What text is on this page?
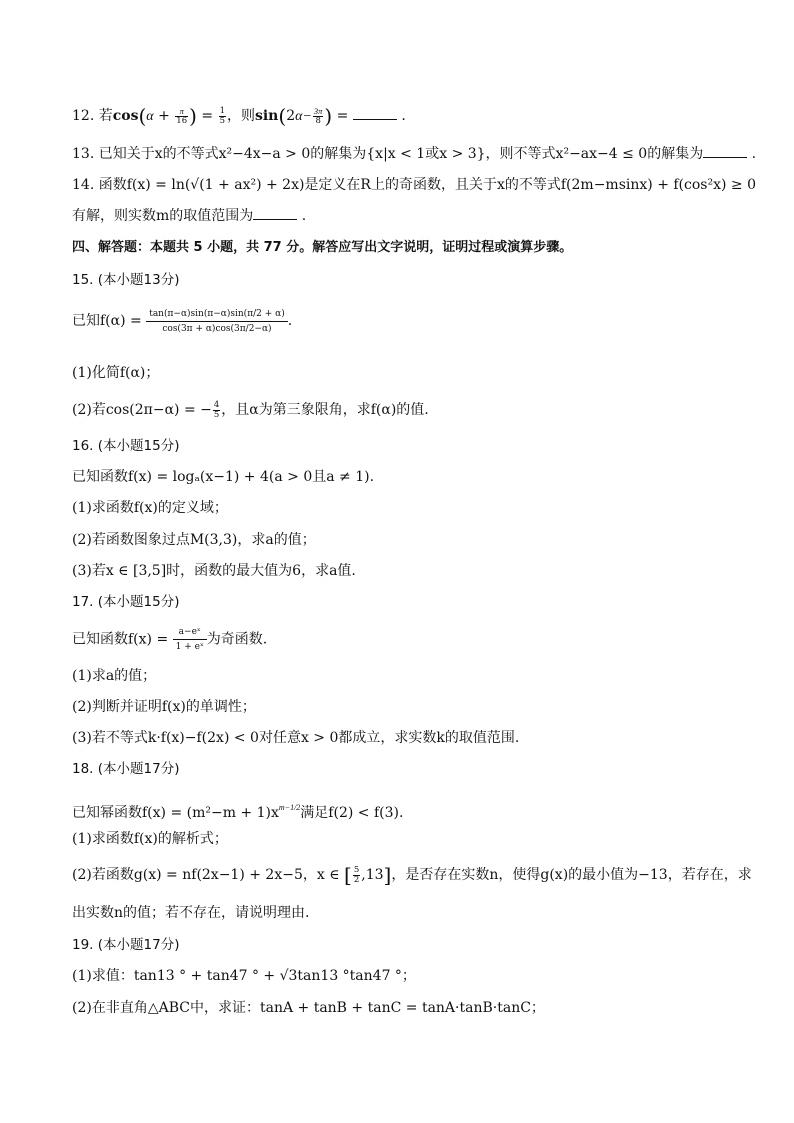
12. 若$\cos(\alpha + \frac{\pi}{16}$ ) = $\frac{1}{5}$ ，则$\sin(2\alpha- \frac{3\pi}{8}$ ) =	.
13. 已知关于x的不等式x²−4x−a > 0的解集为{x|x < 1或x > 3}，则不等式x²−ax−4 ≤ 0的解集为	.
14. 函数f(x) = ln(√(1 + ax²) + 2x)是定义在R上的奇函数，且关于x的不等式f(2m−msinx) + f(cos²x) ≥ 0
有解，则实数m的取值范围为	.
四、解答题：本题共 5 小题，共 77 分。解答应写出文字说明，证明过程或演算步骤。
15. (本小题13分)
已知$f(\alpha) = \frac{\tan(\pi-\alpha)\sin(\pi-\alpha)\sin(\pi/2 + \alpha)}{\cos(3\pi + \alpha)\cos(3\pi/2-\alpha)}$ .
(1)化简f(α)；
(2)若cos(2π−α) = − $\frac{4}{5}$ ，且α为第三象限角，求f(α)的值.
16. (本小题15分)
已知函数f(x) = logₐ(x−1) + 4(a > 0且a ≠ 1).
(1)求函数f(x)的定义域；
(2)若函数图象过点M(3,3)，求a的值；
(3)若x ∈ [3,5]时，函数的最大值为6，求a值.
17. (本小题15分)
已知函数$f(x) = \frac{\text{a−eˣ}}{\text{1 + eˣ}}$ 为奇函数.
(1)求a的值；
(2)判断并证明f(x)的单调性；
(3)若不等式k·f(x)−f(2x) < 0对任意x > 0都成立，求实数k的取值范围.
18. (本小题17分)
已知幂函数$f(x) = (m^2-m + 1)x^{m-1/2}$满足f(2) < f(3).
(1)求函数f(x)的解析式；
(2)若函数g(x) = nf(2x−1) + 2x−5，x ∈ [ $\frac{5}{2} ,13$]，是否存在实数n，使得g(x)的最小值为−13，若存在，求
出实数n的值；若不存在，请说明理由.
19. (本小题17分)
(1)求值：tan13 ° + tan47 ° + √3tan13 °tan47 °；
(2)在非直角△ABC中，求证：tanA + tanB + tanC = tanA·tanB·tanC；
